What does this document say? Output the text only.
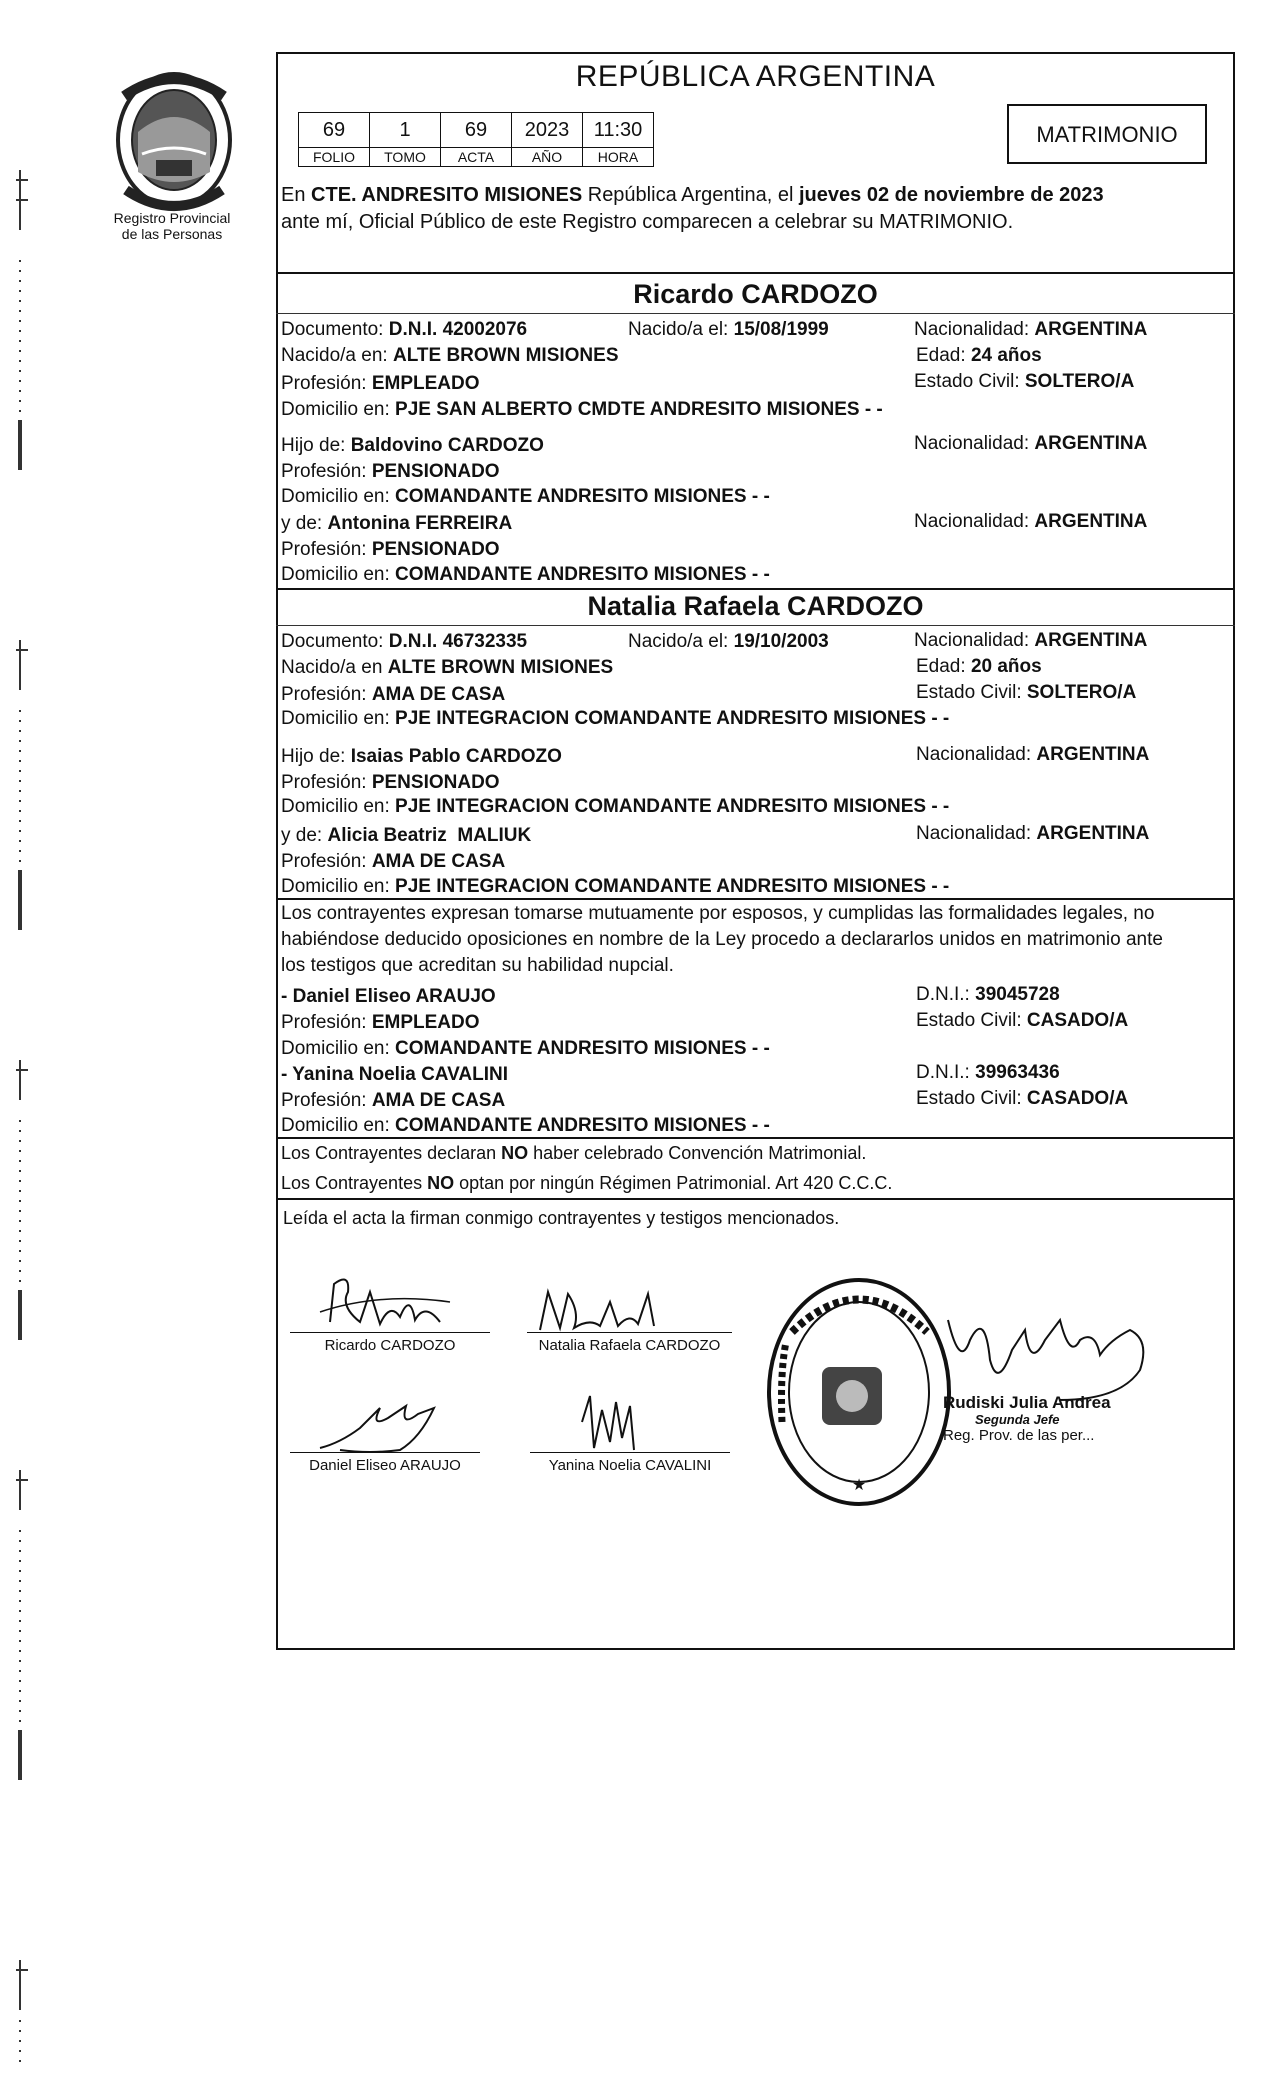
Registro Provincial
de las Personas
REPÚBLICA ARGENTINA
69	1	69	2023	11:30
FOLIO	TOMO	ACTA	AÑO	HORA
MATRIMONIO
En CTE. ANDRESITO MISIONES República Argentina, el jueves 02 de noviembre de 2023
ante mí, Oficial Público de este Registro comparecen a celebrar su MATRIMONIO.
Ricardo CARDOZO
Documento: D.N.I. 42002076	Nacido/a el: 15/08/1999	Nacionalidad: ARGENTINA
Nacido/a en: ALTE BROWN MISIONES	Edad: 24 años
Profesión: EMPLEADO	Estado Civil: SOLTERO/A
Domicilio en: PJE SAN ALBERTO CMDTE ANDRESITO MISIONES - -
Hijo de: Baldovino CARDOZO	Nacionalidad: ARGENTINA
Profesión: PENSIONADO
Domicilio en: COMANDANTE ANDRESITO MISIONES - -
y de: Antonina FERREIRA	Nacionalidad: ARGENTINA
Profesión: PENSIONADO
Domicilio en: COMANDANTE ANDRESITO MISIONES - -
Natalia Rafaela CARDOZO
Documento: D.N.I. 46732335	Nacido/a el: 19/10/2003	Nacionalidad: ARGENTINA
Nacido/a en ALTE BROWN MISIONES	Edad: 20 años
Profesión: AMA DE CASA	Estado Civil: SOLTERO/A
Domicilio en: PJE INTEGRACION COMANDANTE ANDRESITO MISIONES - -
Hijo de: Isaias Pablo CARDOZO	Nacionalidad: ARGENTINA
Profesión: PENSIONADO
Domicilio en: PJE INTEGRACION COMANDANTE ANDRESITO MISIONES - -
y de: Alicia Beatriz  MALIUK	Nacionalidad: ARGENTINA
Profesión: AMA DE CASA
Domicilio en: PJE INTEGRACION COMANDANTE ANDRESITO MISIONES - -
Los contrayentes expresan tomarse mutuamente por esposos, y cumplidas las formalidades legales, no
habiéndose deducido oposiciones en nombre de la Ley procedo a declararlos unidos en matrimonio ante
los testigos que acreditan su habilidad nupcial.
- Daniel Eliseo ARAUJO	D.N.I.: 39045728
Profesión: EMPLEADO	Estado Civil: CASADO/A
Domicilio en: COMANDANTE ANDRESITO MISIONES - -
- Yanina Noelia CAVALINI	D.N.I.: 39963436
Profesión: AMA DE CASA	Estado Civil: CASADO/A
Domicilio en: COMANDANTE ANDRESITO MISIONES - -
Los Contrayentes declaran NO haber celebrado Convención Matrimonial.
Los Contrayentes NO optan por ningún Régimen Patrimonial. Art 420 C.C.C.
Leída el acta la firman conmigo contrayentes y testigos mencionados.
Ricardo CARDOZO	Natalia Rafaela CARDOZO
Daniel Eliseo ARAUJO	Yanina Noelia CAVALINI
★
Rudiski Julia Andrea
Segunda Jefe
Reg. Prov. de las per...
